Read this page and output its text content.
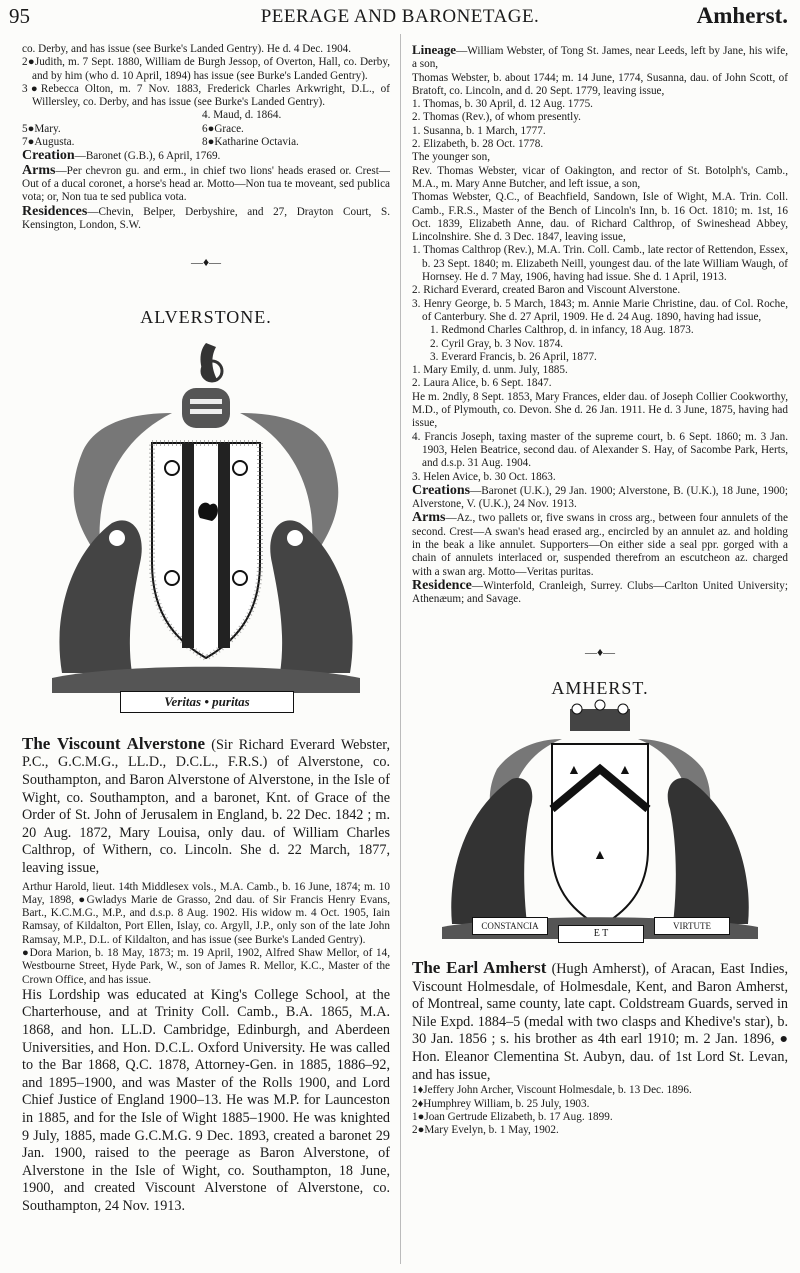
95	PEERAGE AND BARONETAGE.	Amherst.

co. Derby, and has issue (see Burke's Landed Gentry). He d. 4 Dec. 1904.

2●Judith, m. 7 Sept. 1880, William de Burgh Jessop, of Overton, Hall, co. Derby, and by him (who d. 10 April, 1894) has issue (see Burke's Landed Gentry).

3●Rebecca Olton, m. 7 Nov. 1883, Frederick Charles Arkwright, D.L., of Willersley, co. Derby, and has issue (see Burke's Landed Gentry).

4. Maud, d. 1864.
5●Mary.	6●Grace.
7●Augusta.	8●Katharine Octavia.

Creation—Baronet (G.B.), 6 April, 1769.

Arms—Per chevron gu. and erm., in chief two lions' heads erased or. Crest—Out of a ducal coronet, a horse's head ar. Motto—Non tua te moveant, sed publica vota; or, Non tua te sed publica vota.

Residences—Chevin, Belper, Derbyshire, and 27, Drayton Court, S. Kensington, London, S.W.

—♦—

ALVERSTONE.

Veritas • puritas

The Viscount Alverstone (Sir Richard Everard Webster, P.C., G.C.M.G., LL.D., D.C.L., F.R.S.) of Alverstone, co. Southampton, and Baron Alverstone of Alverstone, in the Isle of Wight, co. Southampton, and a baronet, Knt. of Grace of the Order of St. John of Jerusalem in England, b. 22 Dec. 1842 ; m. 20 Aug. 1872, Mary Louisa, only dau. of William Charles Calthrop, of Withern, co. Lincoln. She d. 22 March, 1877, leaving issue,

Arthur Harold, lieut. 14th Middlesex vols., M.A. Camb., b. 16 June, 1874; m. 10 May, 1898, ●Gwladys Marie de Grasso, 2nd dau. of Sir Francis Henry Evans, Bart., K.C.M.G., M.P., and d.s.p. 8 Aug. 1902. His widow m. 4 Oct. 1905, Iain Ramsay, of Kildalton, Port Ellen, Islay, co. Argyll, J.P., only son of the late John Ramsay, M.P., D.L. of Kildalton, and has issue (see Burke's Landed Gentry).

●Dora Marion, b. 18 May, 1873; m. 19 April, 1902, Alfred Shaw Mellor, of 14, Westbourne Street, Hyde Park, W., son of James R. Mellor, K.C., Master of the Crown Office, and has issue.

His Lordship was educated at King's College School, at the Charterhouse, and at Trinity Coll. Camb., B.A. 1865, M.A. 1868, and hon. LL.D. Cambridge, Edinburgh, and Aberdeen Universities, and Hon. D.C.L. Oxford University. He was called to the Bar 1868, Q.C. 1878, Attorney-Gen. in 1885, 1886–92, and 1895–1900, and was Master of the Rolls 1900, and Lord Chief Justice of England 1900–13. He was M.P. for Launceston in 1885, and for the Isle of Wight 1885–1900. He was knighted 9 July, 1885, made G.C.M.G. 9 Dec. 1893, created a baronet 29 Jan. 1900, raised to the peerage as Baron Alverstone, of Alverstone in the Isle of Wight, co. Southampton, 18 June, 1900, and created Viscount Alverstone of Alverstone, co. Southampton, 24 Nov. 1913.

Lineage—William Webster, of Tong St. James, near Leeds, left by Jane, his wife, a son,

Thomas Webster, b. about 1744; m. 14 June, 1774, Susanna, dau. of John Scott, of Bratoft, co. Lincoln, and d. 20 Sept. 1779, leaving issue,

1. Thomas, b. 30 April, d. 12 Aug. 1775.

2. Thomas (Rev.), of whom presently.

1. Susanna, b. 1 March, 1777.

2. Elizabeth, b. 28 Oct. 1778.

The younger son,

Rev. Thomas Webster, vicar of Oakington, and rector of St. Botolph's, Camb., M.A., m. Mary Anne Butcher, and left issue, a son,

Thomas Webster, Q.C., of Beachfield, Sandown, Isle of Wight, M.A. Trin. Coll. Camb., F.R.S., Master of the Bench of Lincoln's Inn, b. 16 Oct. 1810; m. 1st, 16 Oct. 1839, Elizabeth Anne, dau. of Richard Calthrop, of Swineshead Abbey, Lincolnshire. She d. 3 Dec. 1847, leaving issue,

1. Thomas Calthrop (Rev.), M.A. Trin. Coll. Camb., late rector of Rettendon, Essex, b. 23 Sept. 1840; m. Elizabeth Neill, youngest dau. of the late William Waugh, of Hornsey. He d. 7 May, 1906, having had issue. She d. 1 April, 1913.

2. Richard Everard, created Baron and Viscount Alverstone.

3. Henry George, b. 5 March, 1843; m. Annie Marie Christine, dau. of Col. Roche, of Canterbury. She d. 27 April, 1909. He d. 24 Aug. 1890, having had issue,

1. Redmond Charles Calthrop, d. in infancy, 18 Aug. 1873.

2. Cyril Gray, b. 3 Nov. 1874.

3. Everard Francis, b. 26 April, 1877.

1. Mary Emily, d. unm. July, 1885.

2. Laura Alice, b. 6 Sept. 1847.

He m. 2ndly, 8 Sept. 1853, Mary Frances, elder dau. of Joseph Collier Cookworthy, M.D., of Plymouth, co. Devon. She d. 26 Jan. 1911. He d. 3 June, 1875, having had issue,

4. Francis Joseph, taxing master of the supreme court, b. 6 Sept. 1860; m. 3 Jan. 1903, Helen Beatrice, second dau. of Alexander S. Hay, of Sacombe Park, Herts, and d.s.p. 31 Aug. 1904.

3. Helen Avice, b. 30 Oct. 1863.

Creations—Baronet (U.K.), 29 Jan. 1900; Alverstone, B. (U.K.), 18 June, 1900; Alverstone, V. (U.K.), 24 Nov. 1913.

Arms—Az., two pallets or, five swans in cross arg., between four annulets of the second. Crest—A swan's head erased arg., encircled by an annulet az. and holding in the beak a like annulet. Supporters—On either side a seal ppr. gorged with a chain of annulets interlaced or, suspended therefrom an escutcheon az. charged with a swan arg. Motto—Veritas puritas.

Residence—Winterfold, Cranleigh, Surrey. Clubs—Carlton United University; Athenæum; and Savage.

—♦—

AMHERST.

▲	▲
▲
CONSTANCIA
E T
VIRTUTE

The Earl Amherst (Hugh Amherst), of Aracan, East Indies, Viscount Holmesdale, of Holmesdale, Kent, and Baron Amherst, of Montreal, same county, late capt. Coldstream Guards, served in Nile Expd. 1884–5 (medal with two clasps and Khedive's star), b. 30 Jan. 1856 ; s. his brother as 4th earl 1910; m. 2 Jan. 1896, ● Hon. Eleanor Clementina St. Aubyn, dau. of 1st Lord St. Levan, and has issue,

1♦Jeffery John Archer, Viscount Holmesdale, b. 13 Dec. 1896.

2♦Humphrey William, b. 25 July, 1903.

1●Joan Gertrude Elizabeth, b. 17 Aug. 1899.

2●Mary Evelyn, b. 1 May, 1902.
